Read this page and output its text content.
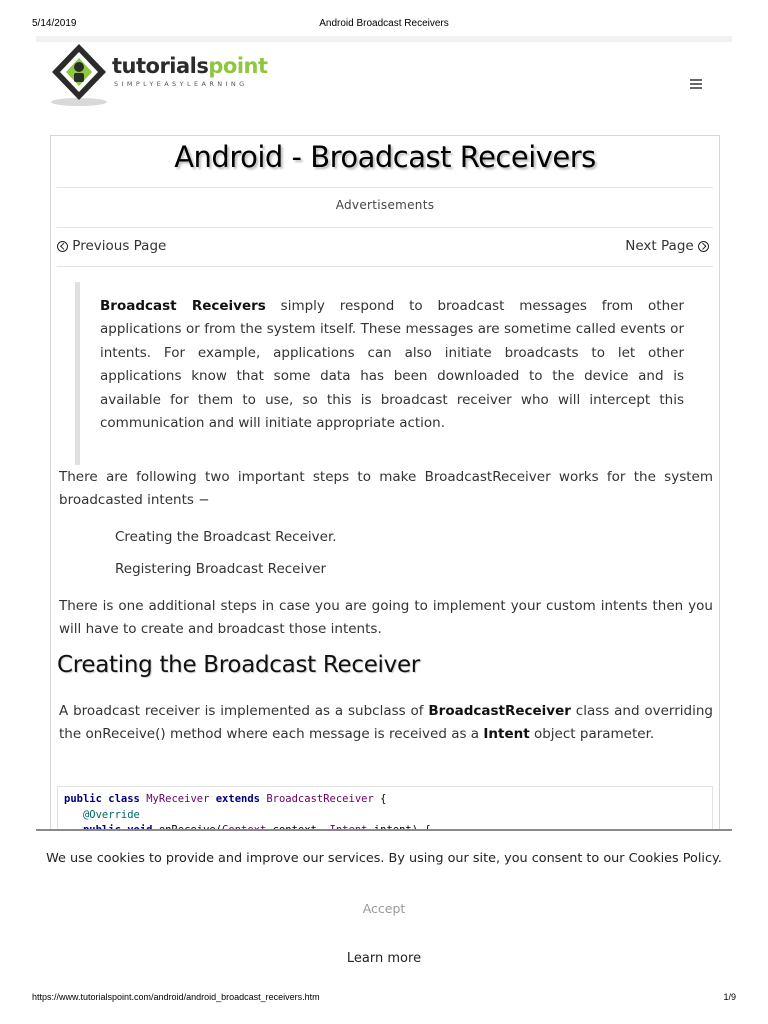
5/14/2019	Android Broadcast Receivers
tutorialspoint
SIMPLYEASYLEARNING
Android - Broadcast Receivers
Advertisements
Previous Page	Next Page
Broadcast Receivers simply respond to broadcast messages from other applications or from the system itself. These messages are sometime called events or intents. For example, applications can also initiate broadcasts to let other applications know that some data has been downloaded to the device and is available for them to use, so this is broadcast receiver who will intercept this communication and will initiate appropriate action.
There are following two important steps to make BroadcastReceiver works for the system broadcasted intents −
Creating the Broadcast Receiver.
Registering Broadcast Receiver
There is one additional steps in case you are going to implement your custom intents then you will have to create and broadcast those intents.
Creating the Broadcast Receiver
A broadcast receiver is implemented as a subclass of BroadcastReceiver class and overriding the onReceive() method where each message is received as a Intent object parameter.
public class MyReceiver extends BroadcastReceiver {
@Override

We use cookies to provide and improve our services. By using our site, you consent to our Cookies Policy.
Accept
Learn more
https://www.tutorialspoint.com/android/android_broadcast_receivers.htm	1/9
